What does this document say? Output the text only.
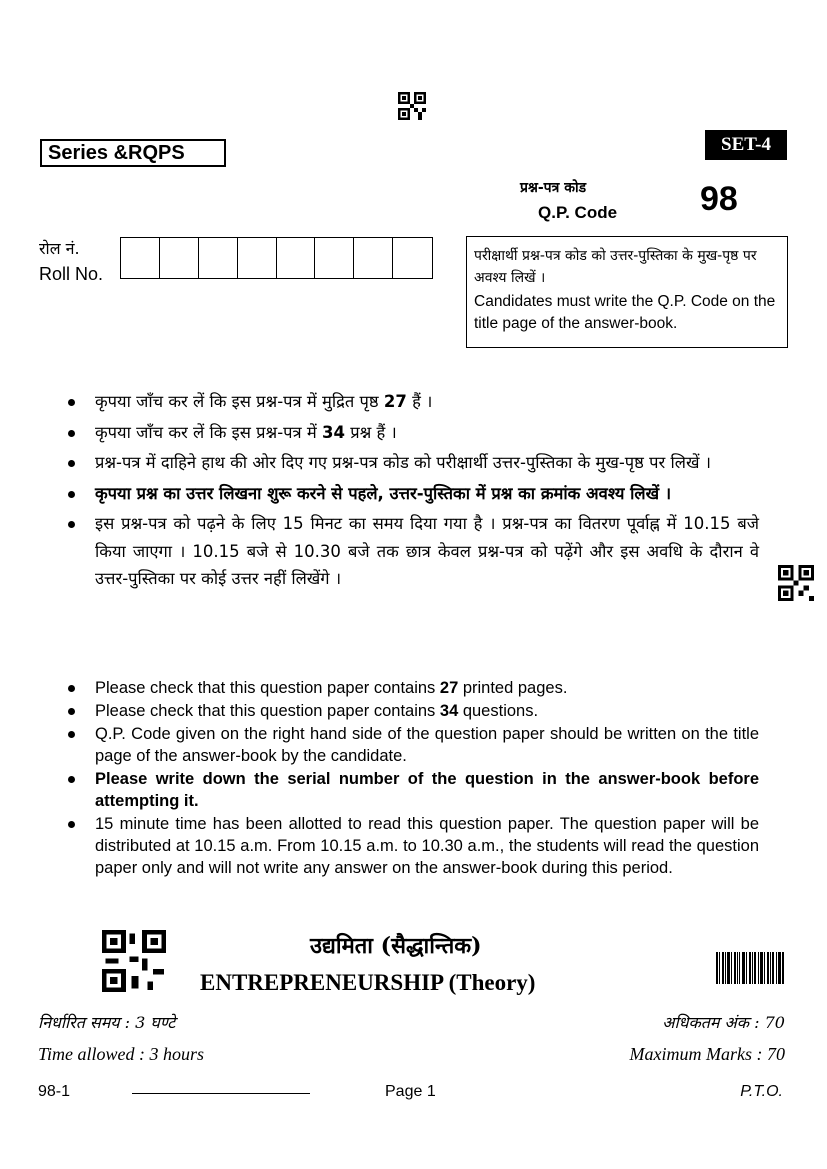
Series &RQPS	SET-4
प्रश्न-पत्र कोड
Q.P. Code 98
रोल नं.
Roll No.
परीक्षार्थी प्रश्न-पत्र कोड को उत्तर-पुस्तिका के मुख-पृष्ठ पर अवश्य लिखें ।
Candidates must write the Q.P. Code on the title page of the answer-book.
कृपया जाँच कर लें कि इस प्रश्न-पत्र में मुद्रित पृष्ठ 27 हैं ।
कृपया जाँच कर लें कि इस प्रश्न-पत्र में 34 प्रश्न हैं ।
प्रश्न-पत्र में दाहिने हाथ की ओर दिए गए प्रश्न-पत्र कोड को परीक्षार्थी उत्तर-पुस्तिका के मुख-पृष्ठ पर लिखें ।
कृपया प्रश्न का उत्तर लिखना शुरू करने से पहले, उत्तर-पुस्तिका में प्रश्न का क्रमांक अवश्य लिखें ।
इस प्रश्न-पत्र को पढ़ने के लिए 15 मिनट का समय दिया गया है । प्रश्न-पत्र का वितरण पूर्वाह्न में 10.15 बजे किया जाएगा । 10.15 बजे से 10.30 बजे तक छात्र केवल प्रश्न-पत्र को पढ़ेंगे और इस अवधि के दौरान वे उत्तर-पुस्तिका पर कोई उत्तर नहीं लिखेंगे ।
Please check that this question paper contains 27 printed pages.
Please check that this question paper contains 34 questions.
Q.P. Code given on the right hand side of the question paper should be written on the title page of the answer-book by the candidate.
Please write down the serial number of the question in the answer-book before attempting it.
15 minute time has been allotted to read this question paper. The question paper will be distributed at 10.15 a.m. From 10.15 a.m. to 10.30 a.m., the students will read the question paper only and will not write any answer on the answer-book during this period.
उद्यमिता (सैद्धान्तिक)
ENTREPRENEURSHIP (Theory)
निर्धारित समय : 3 घण्टे	अधिकतम अंक : 70
Time allowed : 3 hours	Maximum Marks : 70
98-1	Page 1	P.T.O.
